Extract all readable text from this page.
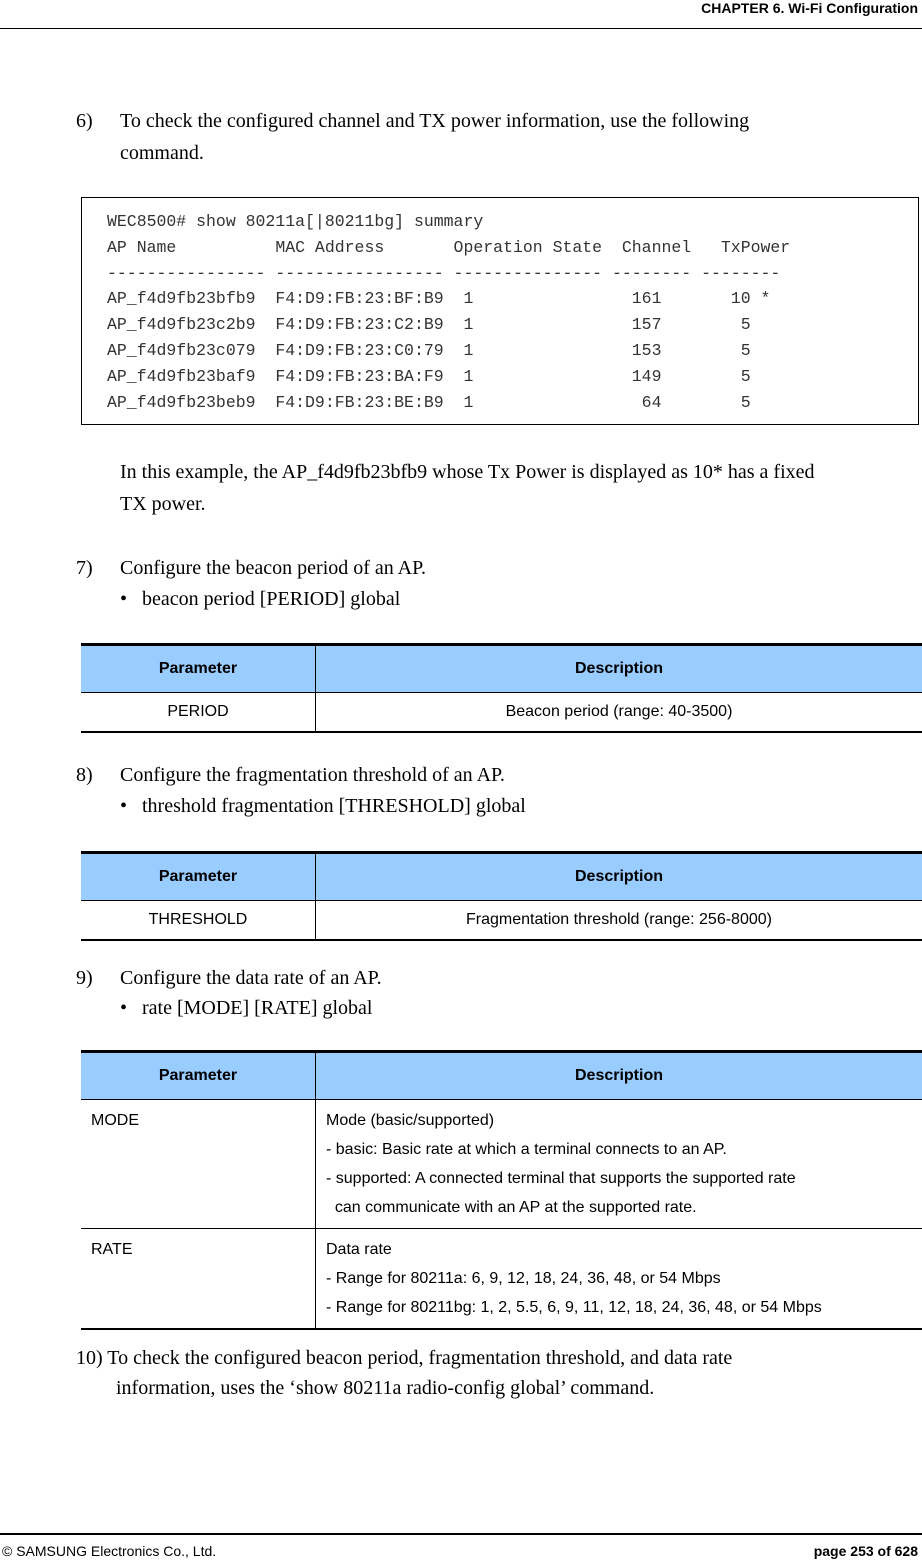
CHAPTER 6. Wi-Fi Configuration
6) To check the configured channel and TX power information, use the following
command.
WEC8500# show 80211a[|80211bg] summary
AP Name          MAC Address       Operation State  Channel   TxPower
---------------- ----------------- --------------- -------- --------
AP_f4d9fb23bfb9  F4:D9:FB:23:BF:B9  1                161       10 *
AP_f4d9fb23c2b9  F4:D9:FB:23:C2:B9  1                157        5
AP_f4d9fb23c079  F4:D9:FB:23:C0:79  1                153        5
AP_f4d9fb23baf9  F4:D9:FB:23:BA:F9  1                149        5
AP_f4d9fb23beb9  F4:D9:FB:23:BE:B9  1                 64        5
In this example, the AP_f4d9fb23bfb9 whose Tx Power is displayed as 10* has a fixed
TX power.
7) Configure the beacon period of an AP.
• beacon period [PERIOD] global
Parameter	Description
PERIOD	Beacon period (range: 40-3500)
8) Configure the fragmentation threshold of an AP.
• threshold fragmentation [THRESHOLD] global
Parameter	Description
THRESHOLD	Fragmentation threshold (range: 256-8000)
9) Configure the data rate of an AP.
• rate [MODE] [RATE] global
Parameter	Description
MODE	Mode (basic/supported)
- basic: Basic rate at which a terminal connects to an AP.
- supported: A connected terminal that supports the supported rate
can communicate with an AP at the supported rate.

RATE	Data rate
- Range for 80211a: 6, 9, 12, 18, 24, 36, 48, or 54 Mbps
- Range for 80211bg: 1, 2, 5.5, 6, 9, 11, 12, 18, 24, 36, 48, or 54 Mbps
10) To check the configured beacon period, fragmentation threshold, and data rate
information, uses the ‘show 80211a radio-config global’ command.
© SAMSUNG Electronics Co., Ltd.	page 253 of 628
